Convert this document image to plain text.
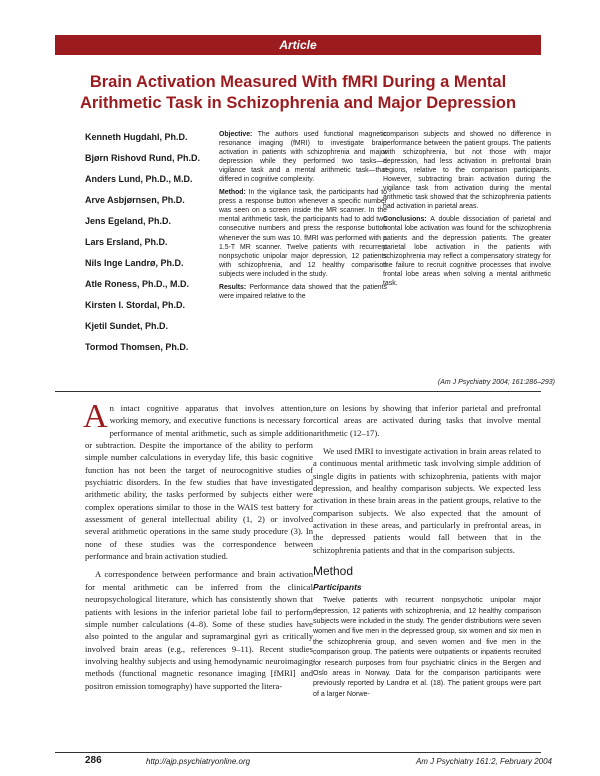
Article
Brain Activation Measured With fMRI During a Mental
Arithmetic Task in Schizophrenia and Major Depression
Kenneth Hugdahl, Ph.D.
Bjørn Rishovd Rund, Ph.D.
Anders Lund, Ph.D., M.D.
Arve Asbjørnsen, Ph.D.
Jens Egeland, Ph.D.
Lars Ersland, Ph.D.
Nils Inge Landrø, Ph.D.
Atle Roness, Ph.D., M.D.
Kirsten I. Stordal, Ph.D.
Kjetil Sundet, Ph.D.
Tormod Thomsen, Ph.D.

Objective: The authors used functional magnetic resonance imaging (fMRI) to investigate brain activation in patients with schizophrenia and major depression while they performed two tasks—a vigilance task and a mental arithmetic task—that differed in cognitive complexity.

Method: In the vigilance task, the participants had to press a response button whenever a specific number was seen on a screen inside the MR scanner. In the mental arithmetic task, the participants had to add two consecutive numbers and press the response button whenever the sum was 10. fMRI was performed with a 1.5-T MR scanner. Twelve patients with recurrent nonpsychotic unipolar major depression, 12 patients with schizophrenia, and 12 healthy comparison subjects were included in the study.

Results: Performance data showed that the patients were impaired relative to the

comparison subjects and showed no difference in performance between the patient groups. The patients with schizophrenia, but not those with major depression, had less activation in prefrontal brain regions, relative to the comparison participants. However, subtracting brain activation during the vigilance task from activation during the mental arithmetic task showed that the schizophrenia patients had activation in parietal areas.

Conclusions: A double dissociation of parietal and frontal lobe activation was found for the schizophrenia patients and the depression patients. The greater parietal lobe activation in the patients with schizophrenia may reflect a compensatory strategy for the failure to recruit cognitive processes that involve frontal lobe areas when solving a mental arithmetic task.

(Am J Psychiatry 2004; 161:286–293)

An intact cognitive apparatus that involves attention, working memory, and executive functions is necessary for performance of mental arithmetic, such as simple addition or subtraction. Despite the importance of the ability to perform simple number calculations in everyday life, this basic cognitive function has not been the target of neurocognitive studies of psychiatric disorders. In the few studies that have investigated arithmetic ability, the tasks performed by subjects either were complex operations similar to those in the WAIS test battery for assessment of general intellectual ability (1, 2) or involved several arithmetic operations in the same study procedure (3). In none of these studies was the correspondence between performance and brain activation studied.

A correspondence between performance and brain activation for mental arithmetic can be inferred from the clinical neuropsychological literature, which has consistently shown that patients with lesions in the inferior parietal lobe fail to perform simple number calculations (4–8). Some of these studies have also pointed to the angular and supramarginal gyri as critically involved brain areas (e.g., references 9–11). Recent studies involving healthy subjects and using hemodynamic neuroimaging methods (functional magnetic resonance imaging [fMRI] and positron emission tomography) have supported the litera-

ture on lesions by showing that inferior parietal and prefrontal cortical areas are activated during tasks that involve mental arithmetic (12–17).

We used fMRI to investigate activation in brain areas related to a continuous mental arithmetic task involving simple addition of single digits in patients with schizophrenia, patients with major depression, and healthy comparison subjects. We expected less activation in these brain areas in the patient groups, relative to the comparison subjects. We also expected that the amount of activation in these areas, and particularly in prefrontal areas, in the depressed patients would fall between that in the schizophrenia patients and that in the comparison subjects.

Method
Participants

Twelve patients with recurrent nonpsychotic unipolar major depression, 12 patients with schizophrenia, and 12 healthy comparison subjects were included in the study. The gender distributions were seven women and five men in the depressed group, six women and six men in the schizophrenia group, and seven women and five men in the comparison group. The patients were outpatients or inpatients recruited for research purposes from four psychiatric clinics in the Bergen and Oslo areas in Norway. Data for the comparison participants were previously reported by Landrø et al. (18). The patient groups were part of a larger Norwe-

286	http://ajp.psychiatryonline.org	Am J Psychiatry 161:2, February 2004
